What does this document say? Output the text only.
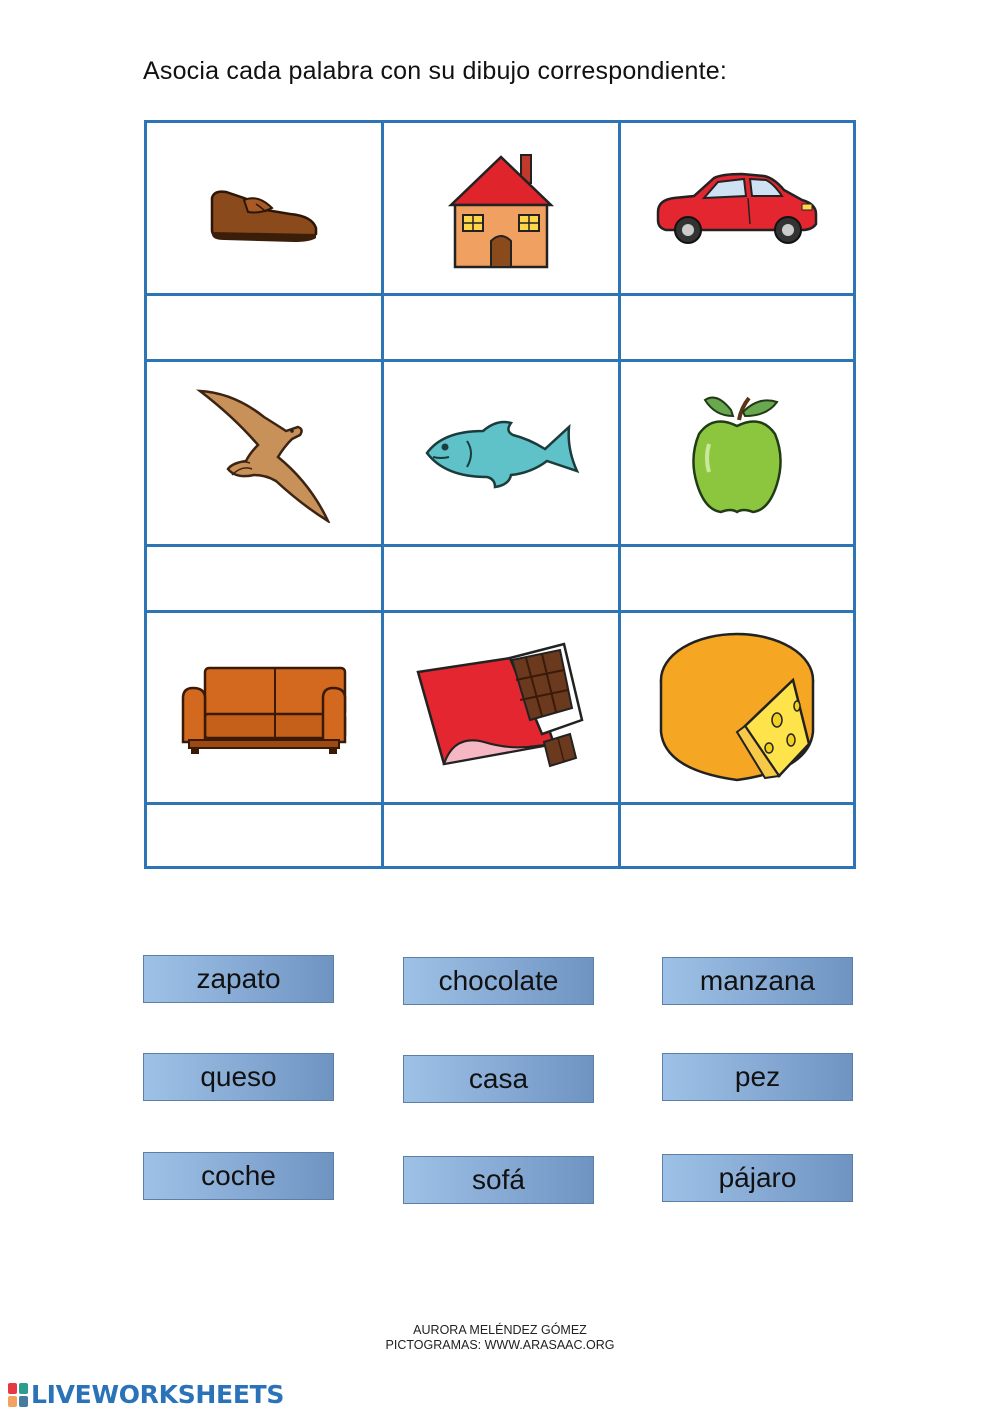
Asocia cada palabra con su dibujo correspondiente:
zapato	chocolate	manzana
queso	casa	pez
coche	sofá	pájaro
AURORA MELÉNDEZ GÓMEZ
PICTOGRAMAS: WWW.ARASAAC.ORG
LIVEWORKSHEETS
